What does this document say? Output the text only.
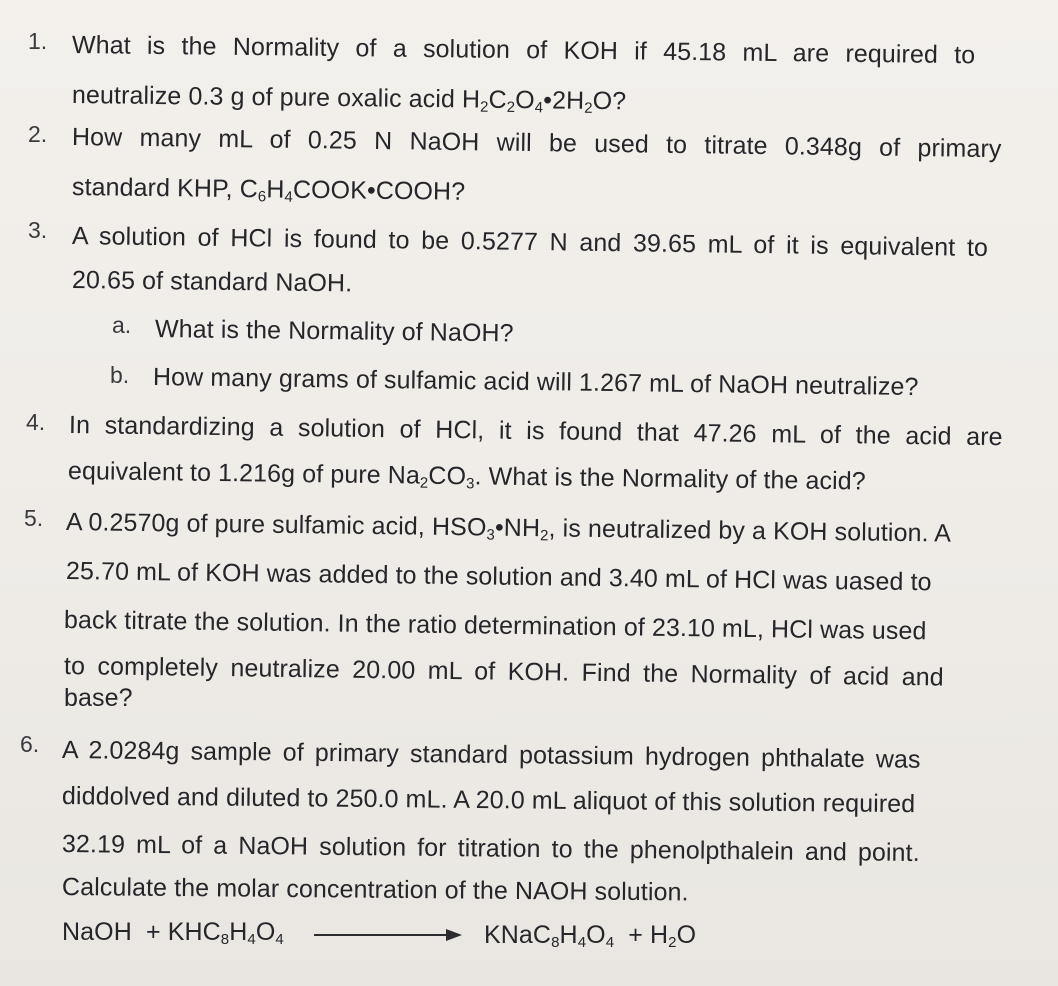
1. What is the Normality of a solution of KOH if 45.18 mL are required to
neutralize 0.3 g of pure oxalic acid $H_2C_2O_4•2H_2O$?
2. How many mL of 0.25 N NaOH will be used to titrate 0.348g of primary
standard KHP, $C_6H_4COOK•COOH$?
3. A solution of HCl is found to be 0.5277 N and 39.65 mL of it is equivalent to
20.65 of standard NaOH.
a. What is the Normality of NaOH?
b. How many grams of sulfamic acid will 1.267 mL of NaOH neutralize?
4. In standardizing a solution of HCl, it is found that 47.26 mL of the acid are
equivalent to 1.216g of pure $Na_2CO_3$. What is the Normality of the acid?
5. A 0.2570g of pure sulfamic acid, $HSO_3•NH_2$, is neutralized by a KOH solution. A
25.70 mL of KOH was added to the solution and 3.40 mL of HCl was uased to
back titrate the solution. In the ratio determination of 23.10 mL, HCl was used
to completely neutralize 20.00 mL of KOH. Find the Normality of acid and
base?
6. A 2.0284g sample of primary standard potassium hydrogen phthalate was
diddolved and diluted to 250.0 mL. A 20.0 mL aliquot of this solution required
32.19 mL of a NaOH solution for titration to the phenolpthalein and point.
Calculate the molar concentration of the NAOH solution.
NaOH + $KHC_8H_4O_4$	$KNaC_8H_4O_4 + H_2O$
